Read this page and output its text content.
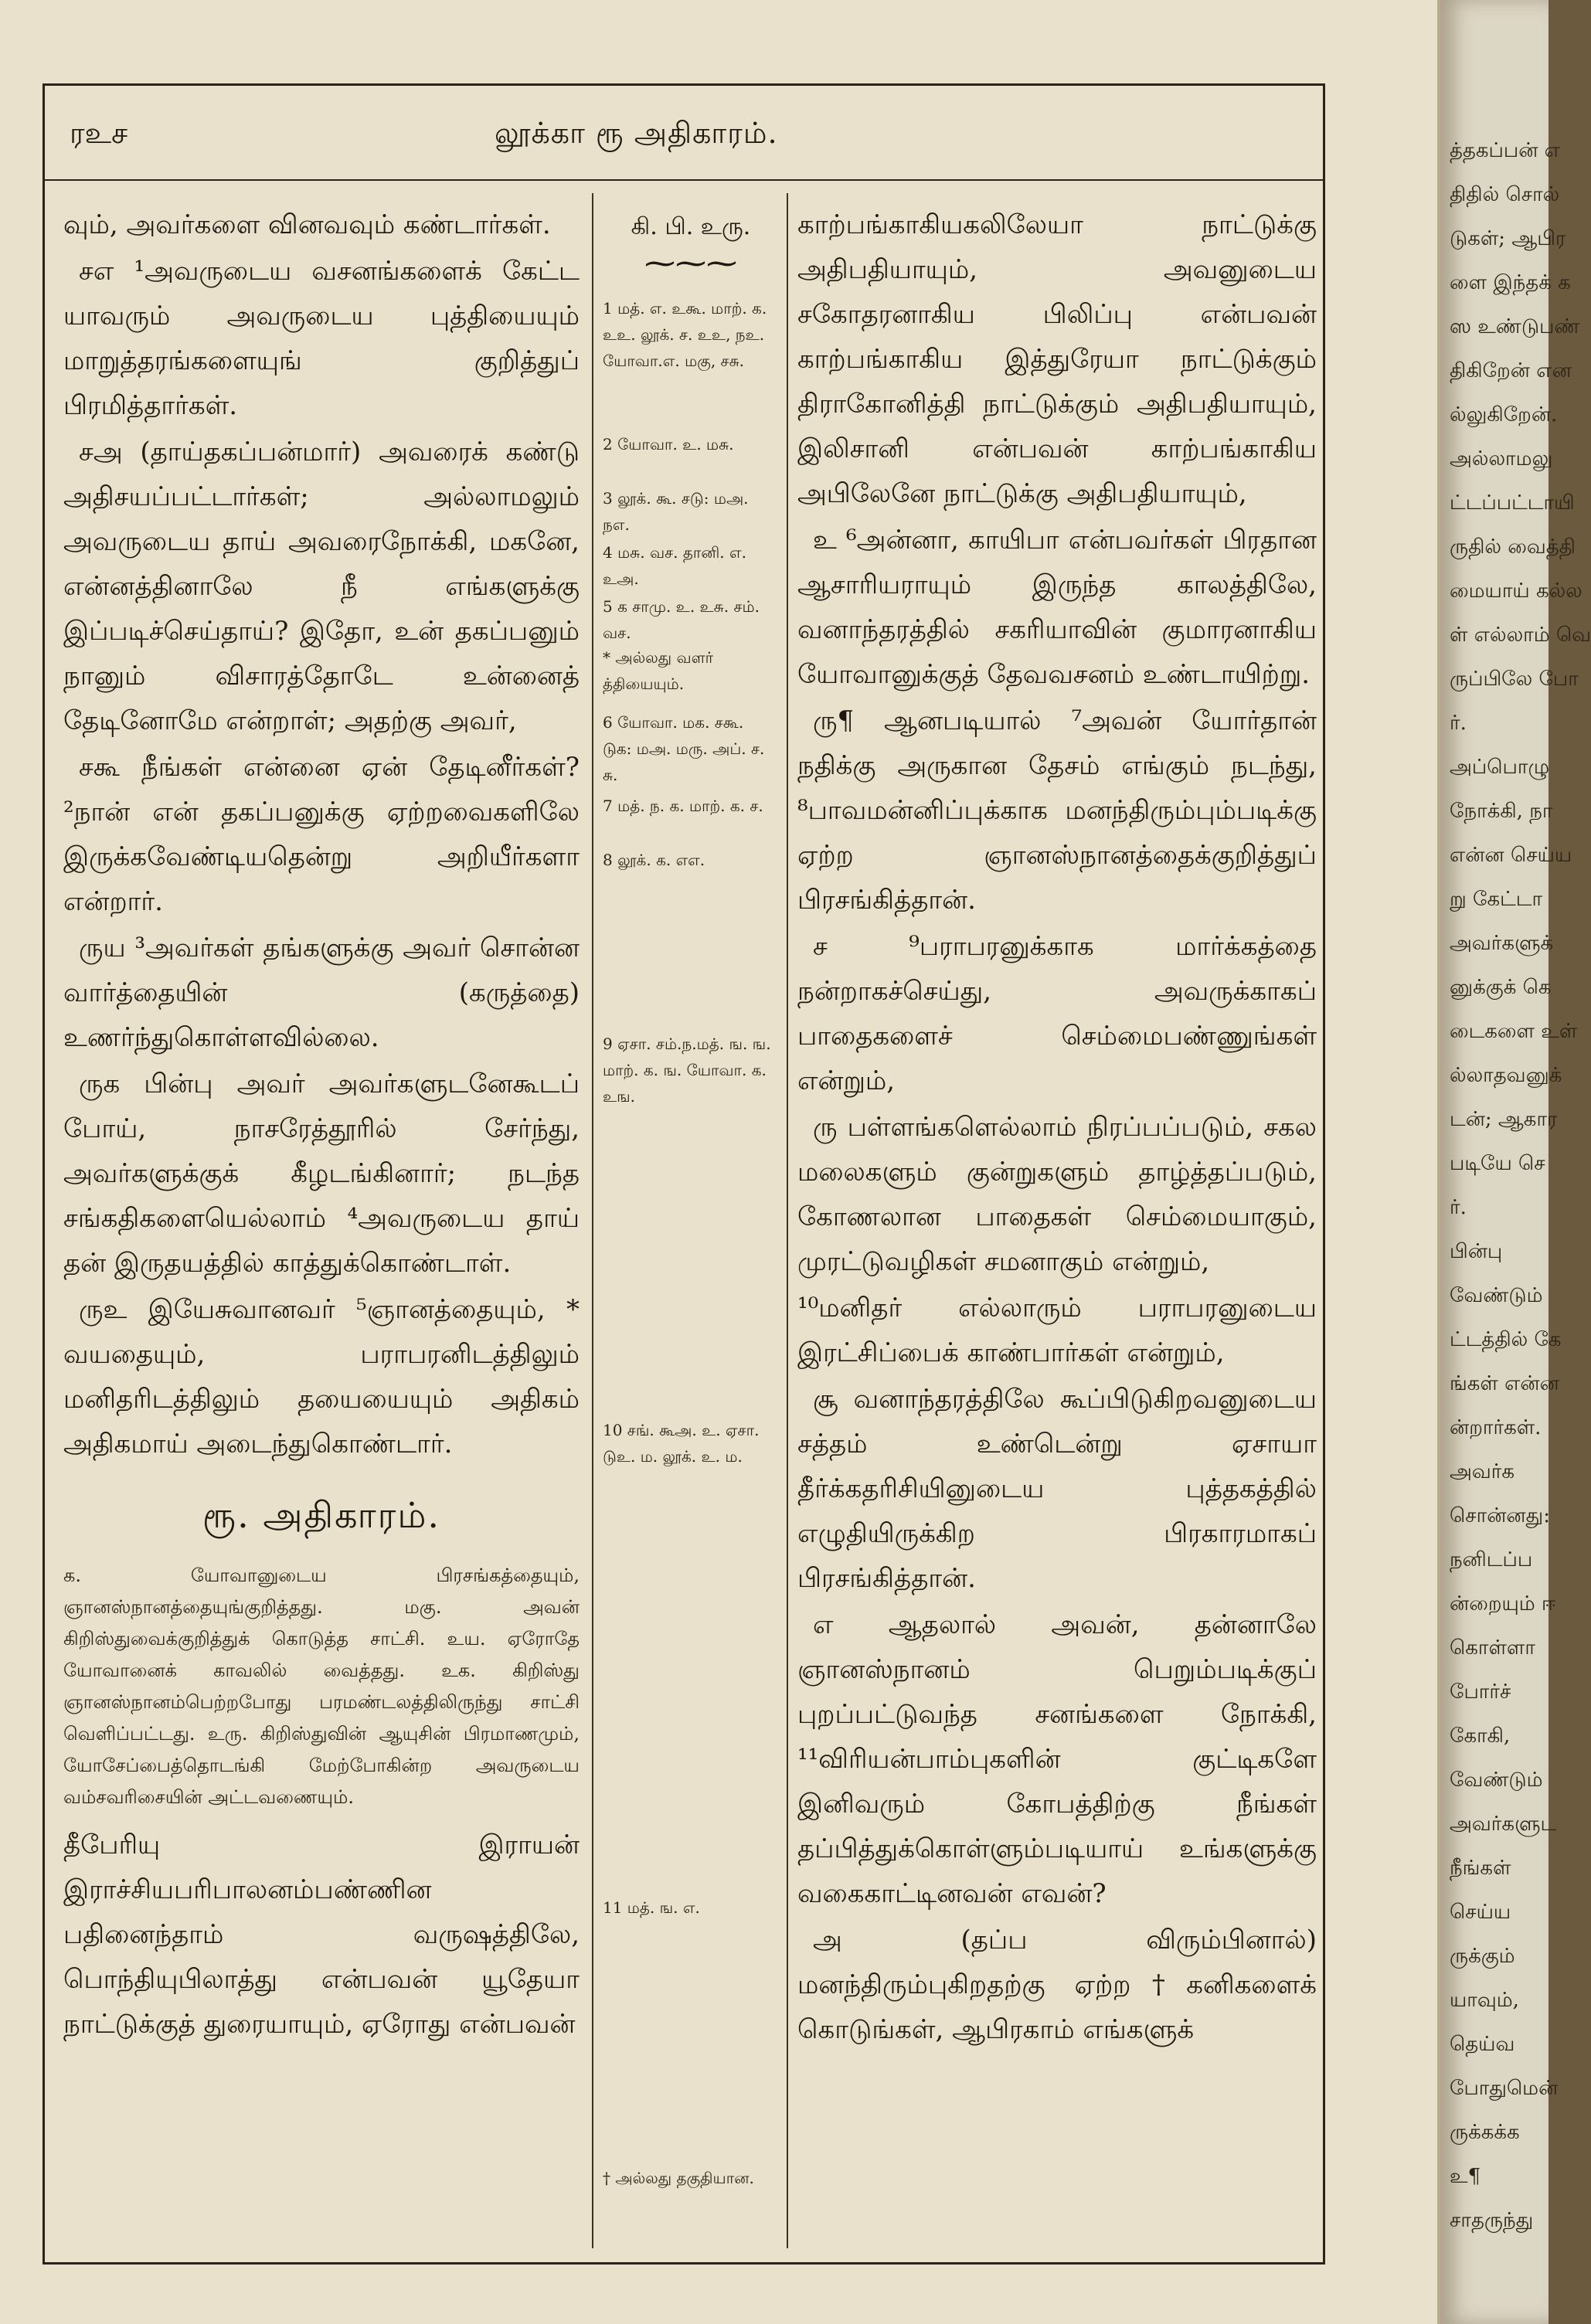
ரஉச	லூக்கா ரூ அதிகாரம்.

வும், அவர்களை வினவவும் கண்டார்கள்.

சஎ ¹அவருடைய வசனங்களைக் கேட்ட யாவரும் அவருடைய புத்தியையும் மாறுத்தரங்களையுங் குறித்துப் பிரமித்தார்கள்.

சஅ (தாய்தகப்பன்மார்) அவரைக் கண்டு அதிசயப்பட்டார்கள்; அல்லாமலும் அவருடைய தாய் அவரைநோக்கி, மகனே, என்னத்தினாலே நீ எங்களுக்கு இப்படிச்செய்தாய்? இதோ, உன் தகப்பனும் நானும் விசாரத்தோடே உன்னைத் தேடினோமே என்றாள்; அதற்கு அவர்,

சகூ நீங்கள் என்னை ஏன் தேடினீர்கள்? ²நான் என் தகப்பனுக்கு ஏற்றவைகளிலே இருக்கவேண்டியதென்று அறியீர்களா என்றார்.

ருய ³அவர்கள் தங்களுக்கு அவர் சொன்ன வார்த்தையின் (கருத்தை) உணர்ந்துகொள்ளவில்லை.

ருக பின்பு அவர் அவர்களுடனேகூடப் போய், நாசரேத்தூரில் சேர்ந்து, அவர்களுக்குக் கீழடங்கினார்; நடந்த சங்கதிகளையெல்லாம் ⁴அவருடைய தாய் தன் இருதயத்தில் காத்துக்கொண்டாள்.

ருஉ இயேசுவானவர் ⁵ஞானத்தையும், * வயதையும், பராபரனிடத்திலும் மனிதரிடத்திலும் தயையையும் அதிகம் அதிகமாய் அடைந்துகொண்டார்.

ரூ. அதிகாரம்.
க. யோவானுடைய பிரசங்கத்தையும், ஞானஸ்நானத்தையுங்குறித்தது. மகு. அவன் கிறிஸ்துவைக்குறித்துக் கொடுத்த சாட்சி. உய. ஏரோதே யோவானைக் காவலில் வைத்தது. உக. கிறிஸ்து ஞானஸ்நானம்பெற்றபோது பரமண்டலத்திலிருந்து சாட்சி வெளிப்பட்டது. உரு. கிறிஸ்துவின் ஆயுசின் பிரமாணமும், யோசேப்பைத்தொடங்கி மேற்போகின்ற அவருடைய வம்சவரிசையின் அட்டவணையும்.

தீபேரியு இராயன் இராச்சியபரிபாலனம்பண்ணின பதினைந்தாம் வருஷத்திலே, பொந்தியுபிலாத்து என்பவன் யூதேயா நாட்டுக்குத் துரையாயும், ஏரோது என்பவன்

கி. பி. உரு.
⁓⁓⁓
1 மத். எ. உகூ. மாற். க. உஉ. லூக். ச. உஉ, நஉ. யோவா.எ. மகு, சசு.
2 யோவா. உ. மசு.
3 லூக். கூ. சடு: மஅ. நஎ.
4 மசு. வச. தானி. எ. உஅ.
5 க சாமு. உ. உசு. சம். வச.
* அல்லது வளர் த்தியையும்.
6 யோவா. மக. சகூ. டுக: மஅ. மரு. அப். ச. சு.
7 மத். ந. க. மாற். க. ச.
8 லூக். க. எஎ.
9 ஏசா. சம்.ந.மத். ங. ங. மாற். க. ங. யோவா. க. உங.
10 சங். கூஅ. உ. ஏசா. டுஉ. ம. லூக். உ. ம.
11 மத். ங. எ.
† அல்லது தகுதியான.

காற்பங்காகியகலிலேயா நாட்டுக்கு அதிபதியாயும், அவனுடைய சகோதரனாகிய பிலிப்பு என்பவன் காற்பங்காகிய இத்துரேயா நாட்டுக்கும் திராகோனித்தி நாட்டுக்கும் அதிபதியாயும், இலிசானி என்பவன் காற்பங்காகிய அபிலேனே நாட்டுக்கு அதிபதியாயும்,

உ ⁶அன்னா, காயிபா என்பவர்கள் பிரதான ஆசாரியராயும் இருந்த காலத்திலே, வனாந்தரத்தில் சகரியாவின் குமாரனாகிய யோவானுக்குத் தேவவசனம் உண்டாயிற்று.

ரு¶ ஆனபடியால் ⁷அவன் யோர்தான் நதிக்கு அருகான தேசம் எங்கும் நடந்து, ⁸பாவமன்னிப்புக்காக மனந்திரும்பும்படிக்கு ஏற்ற ஞானஸ்நானத்தைக்குறித்துப் பிரசங்கித்தான்.

ச ⁹பராபரனுக்காக மார்க்கத்தை நன்றாகச்செய்து, அவருக்காகப் பாதைகளைச் செம்மைபண்ணுங்கள் என்றும்,

ரு பள்ளங்களெல்லாம் நிரப்பப்படும், சகல மலைகளும் குன்றுகளும் தாழ்த்தப்படும், கோணலான பாதைகள் செம்மையாகும், முரட்டுவழிகள் சமனாகும் என்றும்,

¹⁰மனிதர் எல்லாரும் பராபரனுடைய இரட்சிப்பைக் காண்பார்கள் என்றும்,

சூ வனாந்தரத்திலே கூப்பிடுகிறவனுடைய சத்தம் உண்டென்று ஏசாயா தீர்க்கதரிசியினுடைய புத்தகத்தில் எழுதியிருக்கிற பிரகாரமாகப் பிரசங்கித்தான்.

எ ஆதலால் அவன், தன்னாலே ஞானஸ்நானம் பெறும்படிக்குப் புறப்பட்டுவந்த சனங்களை நோக்கி, ¹¹விரியன்பாம்புகளின் குட்டிகளே இனிவரும் கோபத்திற்கு நீங்கள் தப்பித்துக்கொள்ளும்படியாய் உங்களுக்கு வகைகாட்டினவன் எவன்?

அ (தப்ப விரும்பினால்) மனந்திரும்புகிறதற்கு ஏற்ற†கனிகளைக் கொடுங்கள், ஆபிரகாம் எங்களுக்

த்தகப்பன் எ
திதில் சொல்
டுகள்; ஆபிர
ளை இந்தக் க
ஸ உண்டுபண்
திகிறேன் என
ல்லுகிறேன்.
அல்லாமலு
ட்டப்பட்டாயி
ருதில் வைத்தி
மையாய் கல்ல
ள் எல்லாம் வெ
ருப்பிலே போ
ர்.
அப்பொழு
நோக்கி, நா
என்ன செய்ய
று கேட்டா
அவர்களுக்
னுக்குக் கெ
டைகளை உள்
ல்லாதவனுக்
டன்; ஆகார
படியே செ
ர்.
பின்பு
வேண்டும்
ட்டத்தில் கே
ங்கள் என்ன
ன்றார்கள்.
அவர்க
சொன்னது:
நனிடப்ப
ன்றையும் ஈ
கொள்ளா
போர்ச்
கோகி,
வேண்டும்
அவர்களுட
நீங்கள்
செய்ய
ருக்கும்
யாவும்,
தெய்வ
போதுமென்
ருக்கக்க
உ¶
சாதருந்து
